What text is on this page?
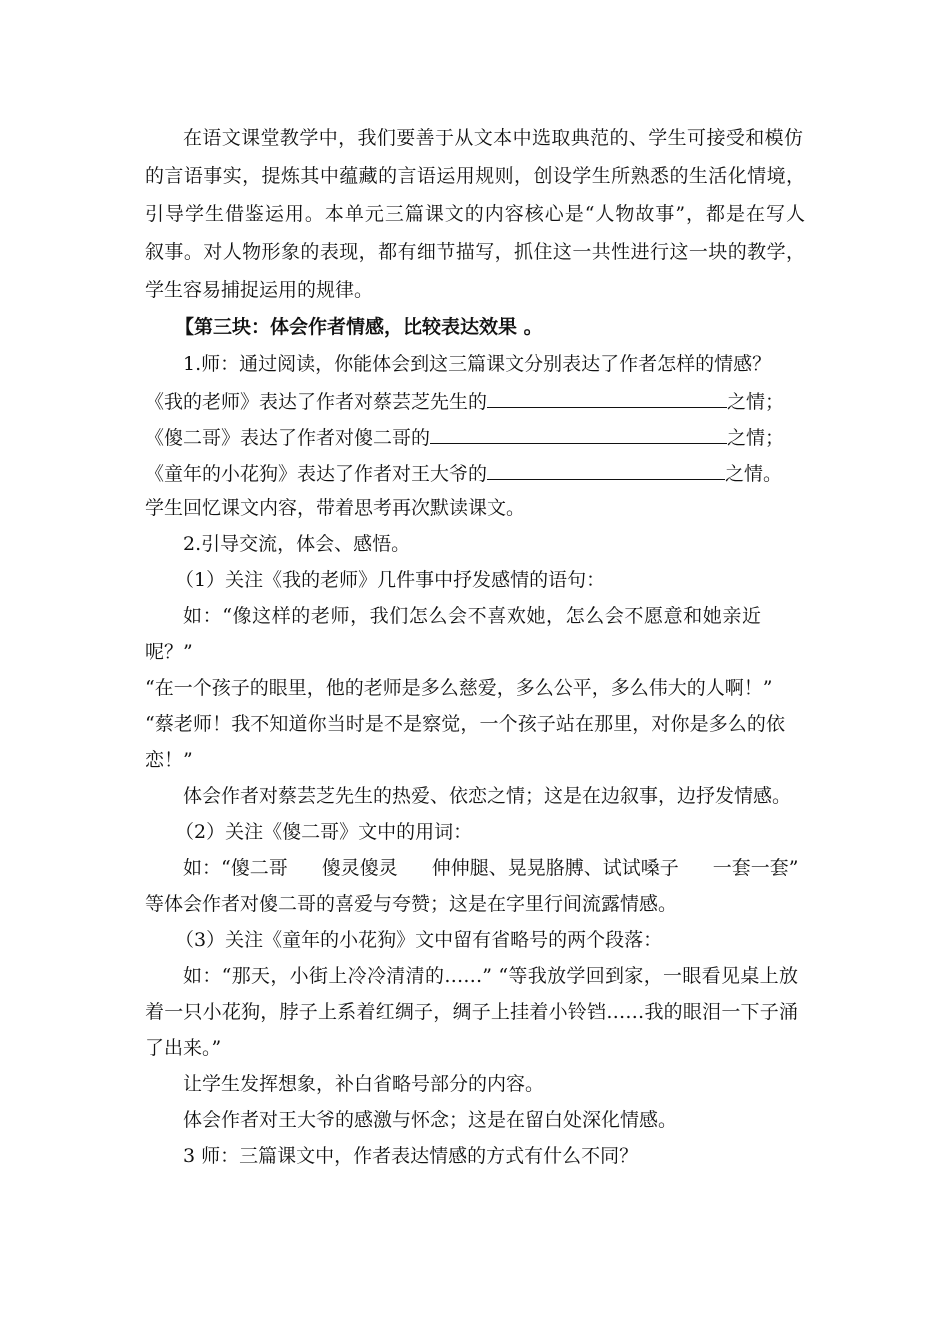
在语文课堂教学中，我们要善于从文本中选取典范的、学生可接受和模仿
的言语事实，提炼其中蕴藏的言语运用规则，创设学生所熟悉的生活化情境，
引导学生借鉴运用。本单元三篇课文的内容核心是“人物故事”，都是在写人
叙事。对人物形象的表现，都有细节描写，抓住这一共性进行这一块的教学，
学生容易捕捉运用的规律。
【第三块：体会作者情感，比较表达效果 。
1.师：通过阅读，你能体会到这三篇课文分别表达了作者怎样的情感？
《我的老师》表达了作者对蔡芸芝先生的	之情；
《傻二哥》表达了作者对傻二哥的	之情；
《童年的小花狗》表达了作者对王大爷的	之情。
学生回忆课文内容，带着思考再次默读课文。
2.引导交流，体会、感悟。
（1）关注《我的老师》几件事中抒发感情的语句：
如：“像这样的老师，我们怎么会不喜欢她，怎么会不愿意和她亲近
呢？”
“在一个孩子的眼里，他的老师是多么慈爱，多么公平，多么伟大的人啊！”
“蔡老师！我不知道你当时是不是察觉，一个孩子站在那里，对你是多么的依
恋！”
体会作者对蔡芸芝先生的热爱、依恋之情；这是在边叙事，边抒发情感。
（2）关注《傻二哥》文中的用词：
如：“傻二哥 傻灵傻灵 伸伸腿、晃晃胳膊、试试嗓子 一套一套”
等体会作者对傻二哥的喜爱与夸赞；这是在字里行间流露情感。
（3）关注《童年的小花狗》文中留有省略号的两个段落：
如：“那天，小街上冷冷清清的……” “等我放学回到家，一眼看见桌上放
着一只小花狗，脖子上系着红绸子，绸子上挂着小铃铛……我的眼泪一下子涌
了出来。”
让学生发挥想象，补白省略号部分的内容。
体会作者对王大爷的感激与怀念；这是在留白处深化情感。
3 师：三篇课文中，作者表达情感的方式有什么不同？
